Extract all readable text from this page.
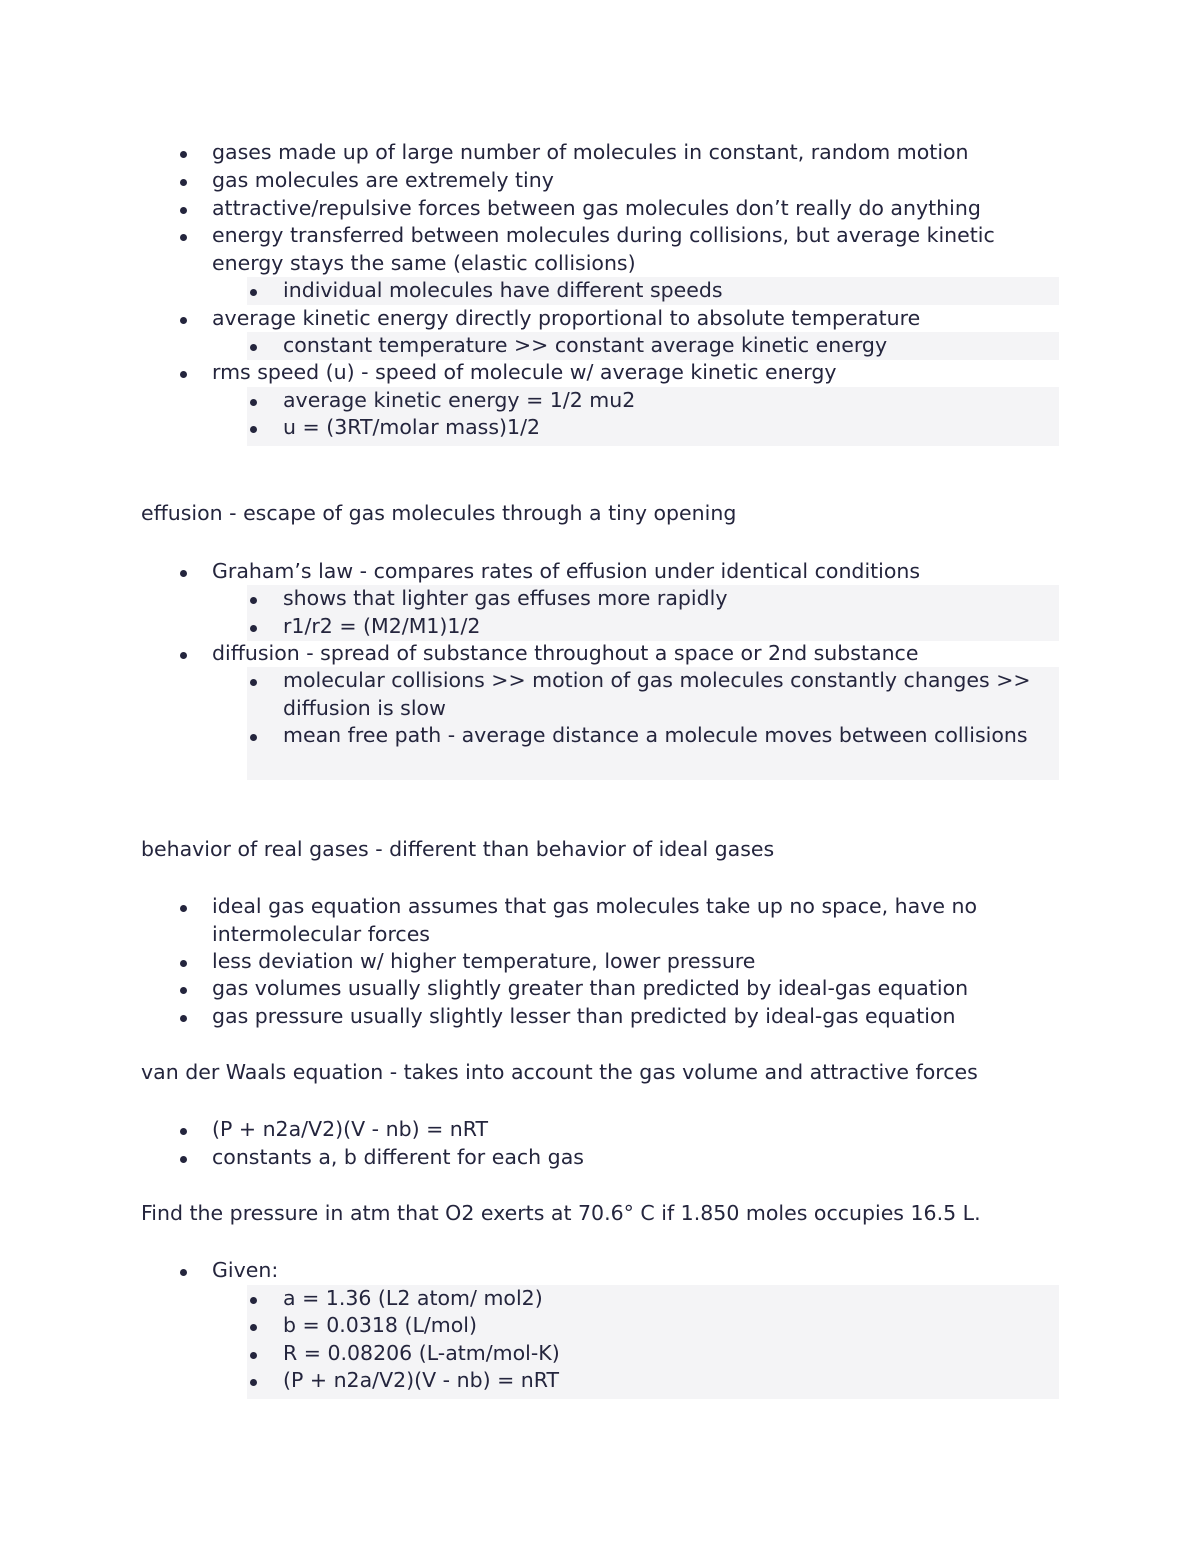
gases made up of large number of molecules in constant, random motion
gas molecules are extremely tiny
attractive/repulsive forces between gas molecules don’t really do anything
energy transferred between molecules during collisions, but average kinetic energy stays the same (elastic collisions)
individual molecules have different speeds
average kinetic energy directly proportional to absolute temperature
constant temperature >> constant average kinetic energy
rms speed (u) - speed of molecule w/ average kinetic energy
average kinetic energy = 1/2 mu2
u = (3RT/molar mass)1/2
effusion - escape of gas molecules through a tiny opening
Graham’s law - compares rates of effusion under identical conditions
shows that lighter gas effuses more rapidly
r1/r2 = (M2/M1)1/2
diffusion - spread of substance throughout a space or 2nd substance
molecular collisions >> motion of gas molecules constantly changes >> diffusion is slow
mean free path - average distance a molecule moves between collisions
behavior of real gases - different than behavior of ideal gases
ideal gas equation assumes that gas molecules take up no space, have no intermolecular forces
less deviation w/ higher temperature, lower pressure
gas volumes usually slightly greater than predicted by ideal-gas equation
gas pressure usually slightly lesser than predicted by ideal-gas equation
van der Waals equation - takes into account the gas volume and attractive forces
(P + n2a/V2)(V - nb) = nRT
constants a, b different for each gas
Find the pressure in atm that O2 exerts at 70.6° C if 1.850 moles occupies 16.5 L.
Given:
a = 1.36 (L2 atom/ mol2)
b = 0.0318 (L/mol)
R = 0.08206 (L-atm/mol-K)
(P + n2a/V2)(V - nb) = nRT
